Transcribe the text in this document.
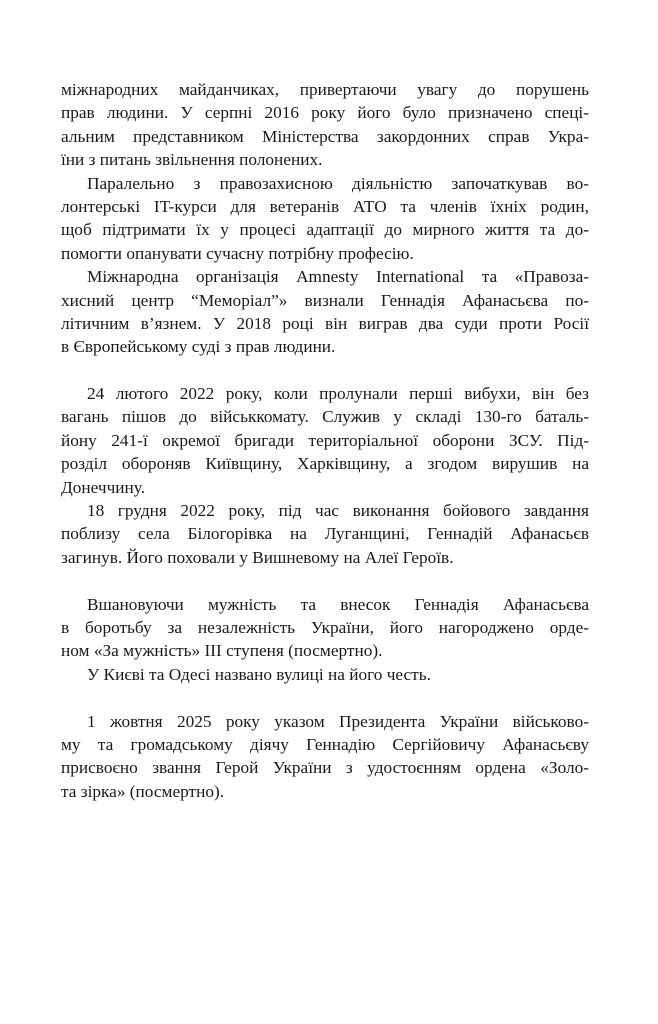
міжнародних майданчиках, привертаючи увагу до порушень
прав людини. У серпні 2016 року його було призначено спеці-
альним представником Міністерства закордонних справ Укра-
їни з питань звільнення полонених.
Паралельно з правозахисною діяльністю започаткував во-
лонтерські IT-курси для ветеранів АТО та членів їхніх родин,
щоб підтримати їх у процесі адаптації до мирного життя та до-
помогти опанувати сучасну потрібну професію.
Міжнародна організація Amnesty International та «Правоза-
хисний центр “Меморіал”» визнали Геннадія Афанасьєва по-
літичним в’язнем. У 2018 році він виграв два суди проти Росії
в Європейському суді з прав людини.
24 лютого 2022 року, коли пролунали перші вибухи, він без
вагань пішов до військкомату. Служив у складі 130-го баталь-
йону 241-ї окремої бригади територіальної оборони ЗСУ. Під-
розділ обороняв Київщину, Харківщину, а згодом вирушив на
Донеччину.
18 грудня 2022 року, під час виконання бойового завдання
поблизу села Білогорівка на Луганщині, Геннадій Афанасьєв
загинув. Його поховали у Вишневому на Алеї Героїв.
Вшановуючи мужність та внесок Геннадія Афанасьєва
в боротьбу за незалежність України, його нагороджено орде-
ном «За мужність» ІІІ ступеня (посмертно).
У Києві та Одесі названо вулиці на його честь.
1 жовтня 2025 року указом Президента України військово-
му та громадському діячу Геннадію Сергійовичу Афанасьєву
присвоєно звання Герой України з удостоєнням ордена «Золо-
та зірка» (посмертно).
